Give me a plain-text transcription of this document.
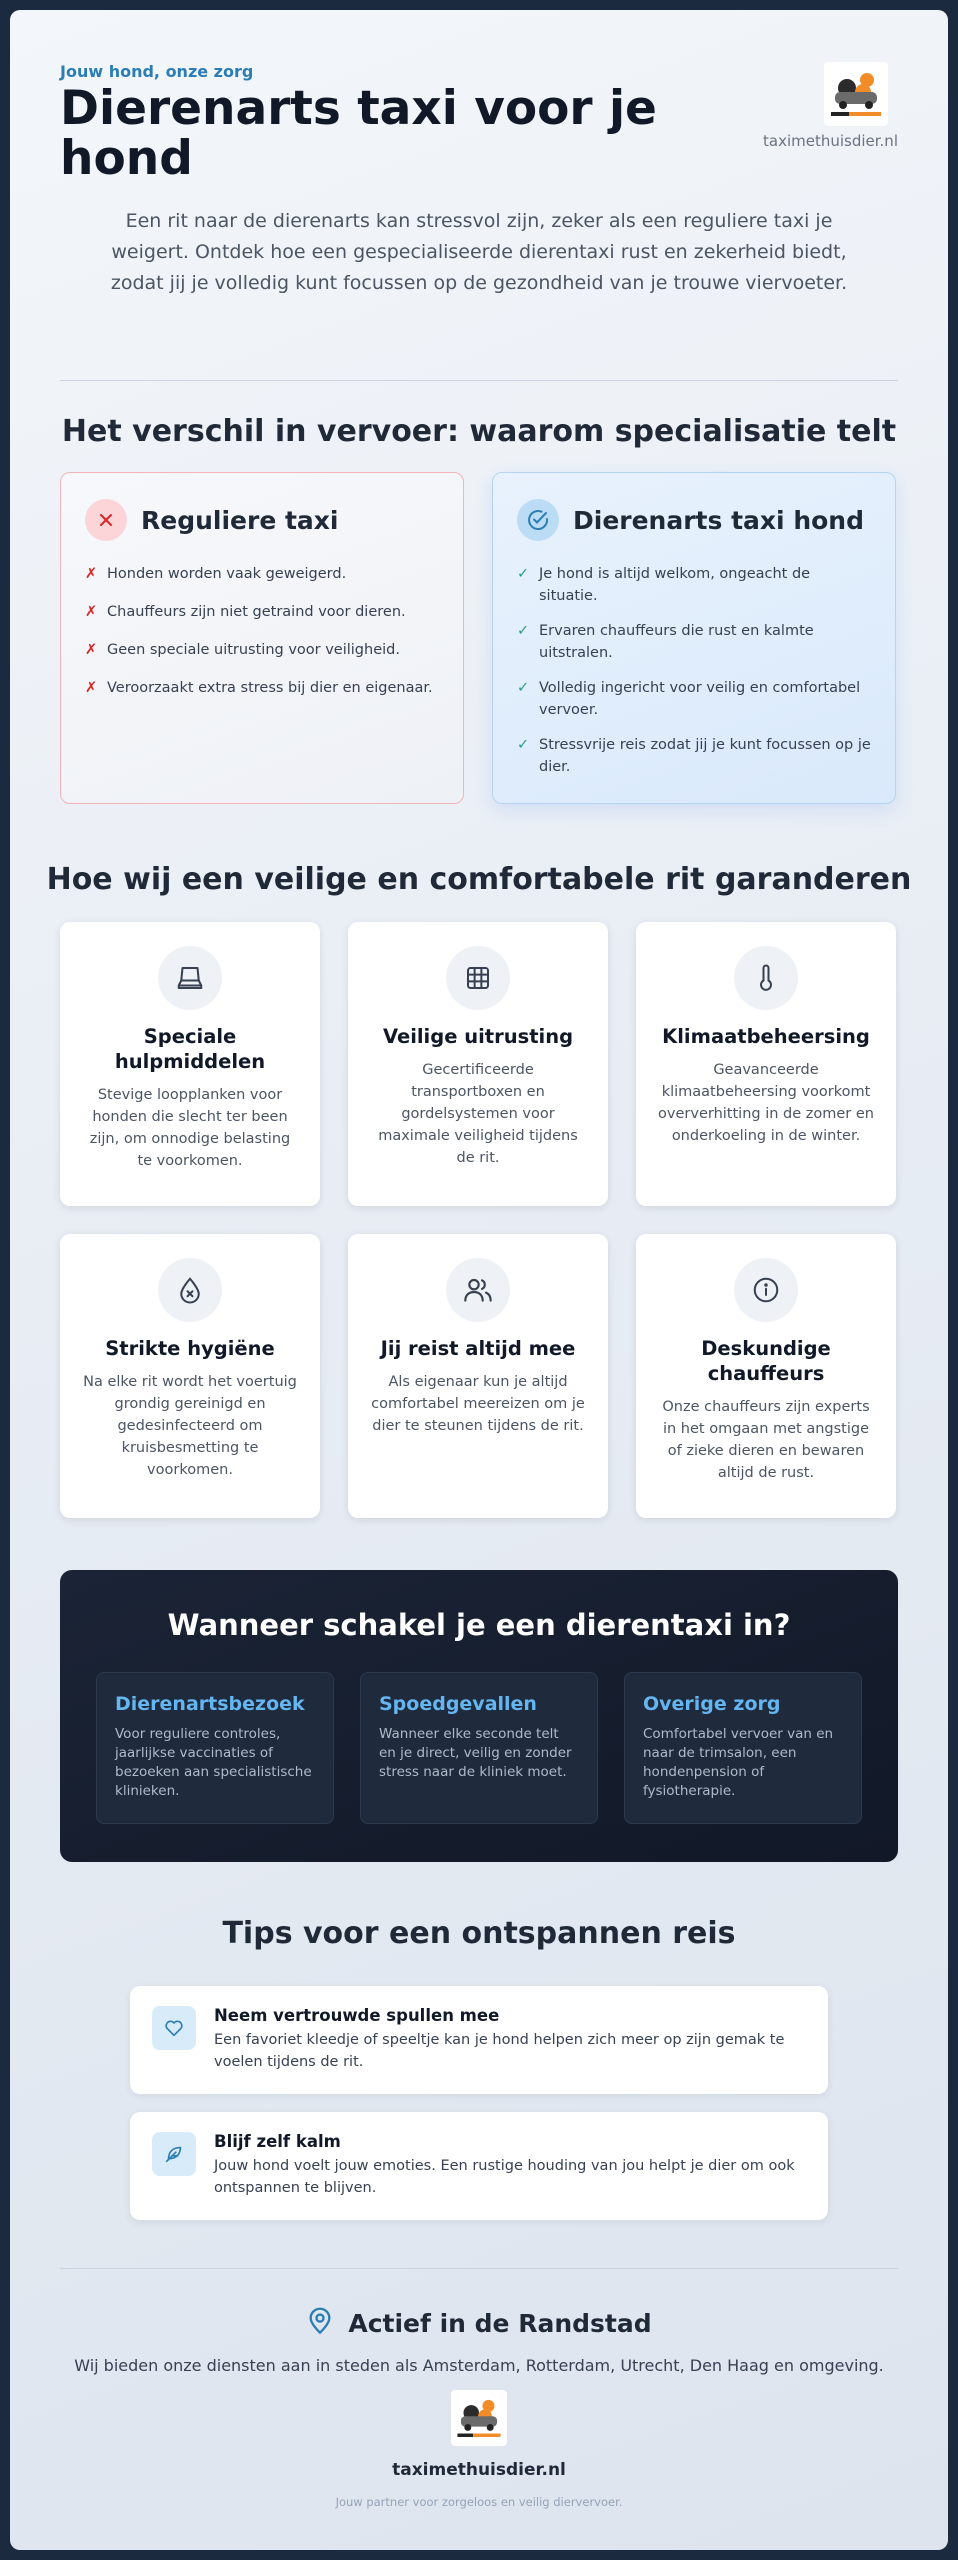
Jouw hond, onze zorg
Dierenarts taxi voor je hond	taximethuisdier.nl
Een rit naar de dierenarts kan stressvol zijn, zeker als een reguliere taxi je weigert. Ontdek hoe een gespecialiseerde dierentaxi rust en zekerheid biedt, zodat jij je volledig kunt focussen op de gezondheid van je trouwe viervoeter.
Het verschil in vervoer: waarom specialisatie telt
Reguliere taxi
✗ Honden worden vaak geweigerd.
✗ Chauffeurs zijn niet getraind voor dieren.
✗ Geen speciale uitrusting voor veiligheid.
✗ Veroorzaakt extra stress bij dier en eigenaar.
Dierenarts taxi hond
✓ Je hond is altijd welkom, ongeacht de situatie.
✓ Ervaren chauffeurs die rust en kalmte uitstralen.
✓ Volledig ingericht voor veilig en comfortabel vervoer.
✓ Stressvrije reis zodat jij je kunt focussen op je dier.
Hoe wij een veilige en comfortabele rit garanderen
Speciale hulpmiddelen
Stevige loopplanken voor honden die slecht ter been zijn, om onnodige belasting te voorkomen.
Veilige uitrusting
Gecertificeerde transportboxen en gordelsystemen voor maximale veiligheid tijdens de rit.
Klimaatbeheersing
Geavanceerde klimaatbeheersing voorkomt oververhitting in de zomer en onderkoeling in de winter.
Strikte hygiëne
Na elke rit wordt het voertuig grondig gereinigd en gedesinfecteerd om kruisbesmetting te voorkomen.
Jij reist altijd mee
Als eigenaar kun je altijd comfortabel meereizen om je dier te steunen tijdens de rit.
Deskundige chauffeurs
Onze chauffeurs zijn experts in het omgaan met angstige of zieke dieren en bewaren altijd de rust.
Wanneer schakel je een dierentaxi in?
Dierenartsbezoek
Voor reguliere controles, jaarlijkse vaccinaties of bezoeken aan specialistische klinieken.
Spoedgevallen
Wanneer elke seconde telt en je direct, veilig en zonder stress naar de kliniek moet.
Overige zorg
Comfortabel vervoer van en naar de trimsalon, een hondenpension of fysiotherapie.
Tips voor een ontspannen reis
Neem vertrouwde spullen mee
Een favoriet kleedje of speeltje kan je hond helpen zich meer op zijn gemak te voelen tijdens de rit.
Blijf zelf kalm
Jouw hond voelt jouw emoties. Een rustige houding van jou helpt je dier om ook ontspannen te blijven.
Actief in de Randstad
Wij bieden onze diensten aan in steden als Amsterdam, Rotterdam, Utrecht, Den Haag en omgeving.
taximethuisdier.nl
Jouw partner voor zorgeloos en veilig diervervoer.
